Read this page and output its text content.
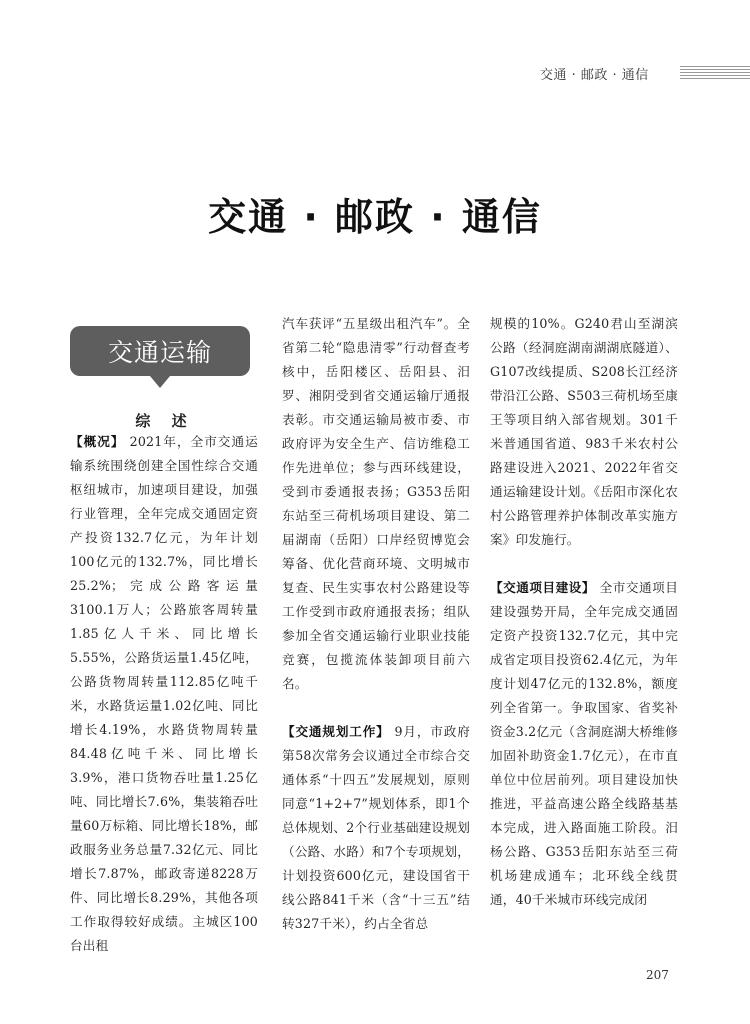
交通 · 邮政 · 通信
交通 · 邮政 · 通信
交通运输
综 述

【概况】 2021年，全市交通运输系统围绕创建全国性综合交通枢纽城市，加速项目建设，加强行业管理，全年完成交通固定资产投资132.7亿元，为年计划100亿元的132.7%，同比增长25.2%；完成公路客运量3100.1万人；公路旅客周转量1.85亿人千米、同比增长5.55%，公路货运量1.45亿吨，公路货物周转量112.85亿吨千米，水路货运量1.02亿吨、同比增长4.19%，水路货物周转量84.48亿吨千米、同比增长3.9%，港口货物吞吐量1.25亿吨、同比增长7.6%，集装箱吞吐量60万标箱、同比增长18%，邮政服务业务总量7.32亿元、同比增长7.87%，邮政寄递8228万件、同比增长8.29%，其他各项工作取得较好成绩。主城区100台出租

汽车获评“五星级出租汽车”。全省第二轮“隐患清零”行动督查考核中，岳阳楼区、岳阳县、汨罗、湘阴受到省交通运输厅通报表彰。市交通运输局被市委、市政府评为安全生产、信访维稳工作先进单位；参与西环线建设，受到市委通报表扬；G353岳阳东站至三荷机场项目建设、第二届湖南（岳阳）口岸经贸博览会筹备、优化营商环境、文明城市复查、民生实事农村公路建设等工作受到市政府通报表扬；组队参加全省交通运输行业职业技能竞赛，包揽流体装卸项目前六名。

【交通规划工作】 9月，市政府第58次常务会议通过全市综合交通体系“十四五”发展规划，原则同意“1+2+7”规划体系，即1个总体规划、2个行业基础建设规划（公路、水路）和7个专项规划，计划投资600亿元，建设国省干线公路841千米（含“十三五”结转327千米），约占全省总

规模的10%。G240君山至湖滨公路（经洞庭湖南湖湖底隧道）、G107改线提质、S208长江经济带沿江公路、S503三荷机场至康王等项目纳入部省规划。301千米普通国省道、983千米农村公路建设进入2021、2022年省交通运输建设计划。《岳阳市深化农村公路管理养护体制改革实施方案》印发施行。

【交通项目建设】 全市交通项目建设强势开局，全年完成交通固定资产投资132.7亿元，其中完成省定项目投资62.4亿元，为年度计划47亿元的132.8%，额度列全省第一。争取国家、省奖补资金3.2亿元（含洞庭湖大桥维修加固补助资金1.7亿元），在市直单位中位居前列。项目建设加快推进，平益高速公路全线路基基本完成，进入路面施工阶段。汨杨公路、G353岳阳东站至三荷机场建成通车；北环线全线贯通，40千米城市环线完成闭

207
